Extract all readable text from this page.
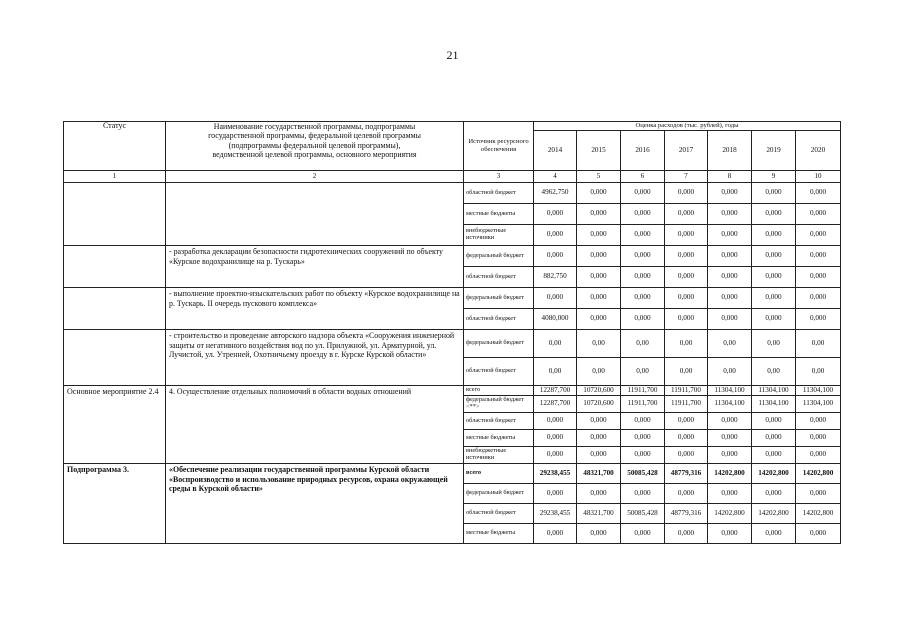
21
Статус	Наименование государственной программы, подпрограммы
государственной программы, федеральной целевой программы
(подпрограммы федеральной целевой программы),
ведомственной целевой программы, основного мероприятия	Источник ресурсного обеспечения	Оценка расходов (тыс. рублей), годы						
			2014	2015	2016	2017	2018	2019	2020
1	2	3	4	5	6	7	8	9	10
		областной бюджет	4962,750	0,000	0,000	0,000	0,000	0,000	0,000
		местные бюджеты	0,000	0,000	0,000	0,000	0,000	0,000	0,000
		внебюджетные источники	0,000	0,000	0,000	0,000	0,000	0,000	0,000
	- разработка декларации безопасности гидротехнических сооружений по объекту «Курское водохранилище на р. Тускарь»	федеральный бюджет	0,000	0,000	0,000	0,000	0,000	0,000	0,000
		областной бюджет	882,750	0,000	0,000	0,000	0,000	0,000	0,000
	- выполнение проектно-изыскательских работ по объекту «Курское водохранилище на р. Тускарь. II очередь пускового комплекса»	федеральный бюджет	0,000	0,000	0,000	0,000	0,000	0,000	0,000
		областной бюджет	4080,000	0,000	0,000	0,000	0,000	0,000	0,000
	- строительство и проведение авторского надзора объекта «Сооружения инженерной защиты от негативного воздействия вод по ул. Прилужной, ул. Арматурной, ул. Лучистой, ул. Утренней, Охотничьему проезду в г. Курске Курской области»	федеральный бюджет	0,00	0,00	0,00	0,00	0,00	0,00	0,00
		областной бюджет	0,00	0,00	0,00	0,00	0,00	0,00	0,00
Основное мероприятие 2.4	4. Осуществление отдельных полномочий в области водных отношений	всего	12287,700	10720,600	11911,700	11911,700	11304,100	11304,100	11304,100
		федеральный бюджет <**>	12287,700	10720,600	11911,700	11911,700	11304,100	11304,100	11304,100
		областной бюджет	0,000	0,000	0,000	0,000	0,000	0,000	0,000
		местные бюджеты	0,000	0,000	0,000	0,000	0,000	0,000	0,000
		внебюджетные источники	0,000	0,000	0,000	0,000	0,000	0,000	0,000
Подпрограмма 3.	«Обеспечение реализации государственной программы Курской области «Воспроизводство и использование природных ресурсов, охрана окружающей среды в Курской области»	всего	29238,455	48321,700	50085,428	48779,316	14202,800	14202,800	14202,800
		федеральный бюджет	0,000	0,000	0,000	0,000	0,000	0,000	0,000
		областной бюджет	29238,455	48321,700	50085,428	48779,316	14202,800	14202,800	14202,800
		местные бюджеты	0,000	0,000	0,000	0,000	0,000	0,000	0,000
